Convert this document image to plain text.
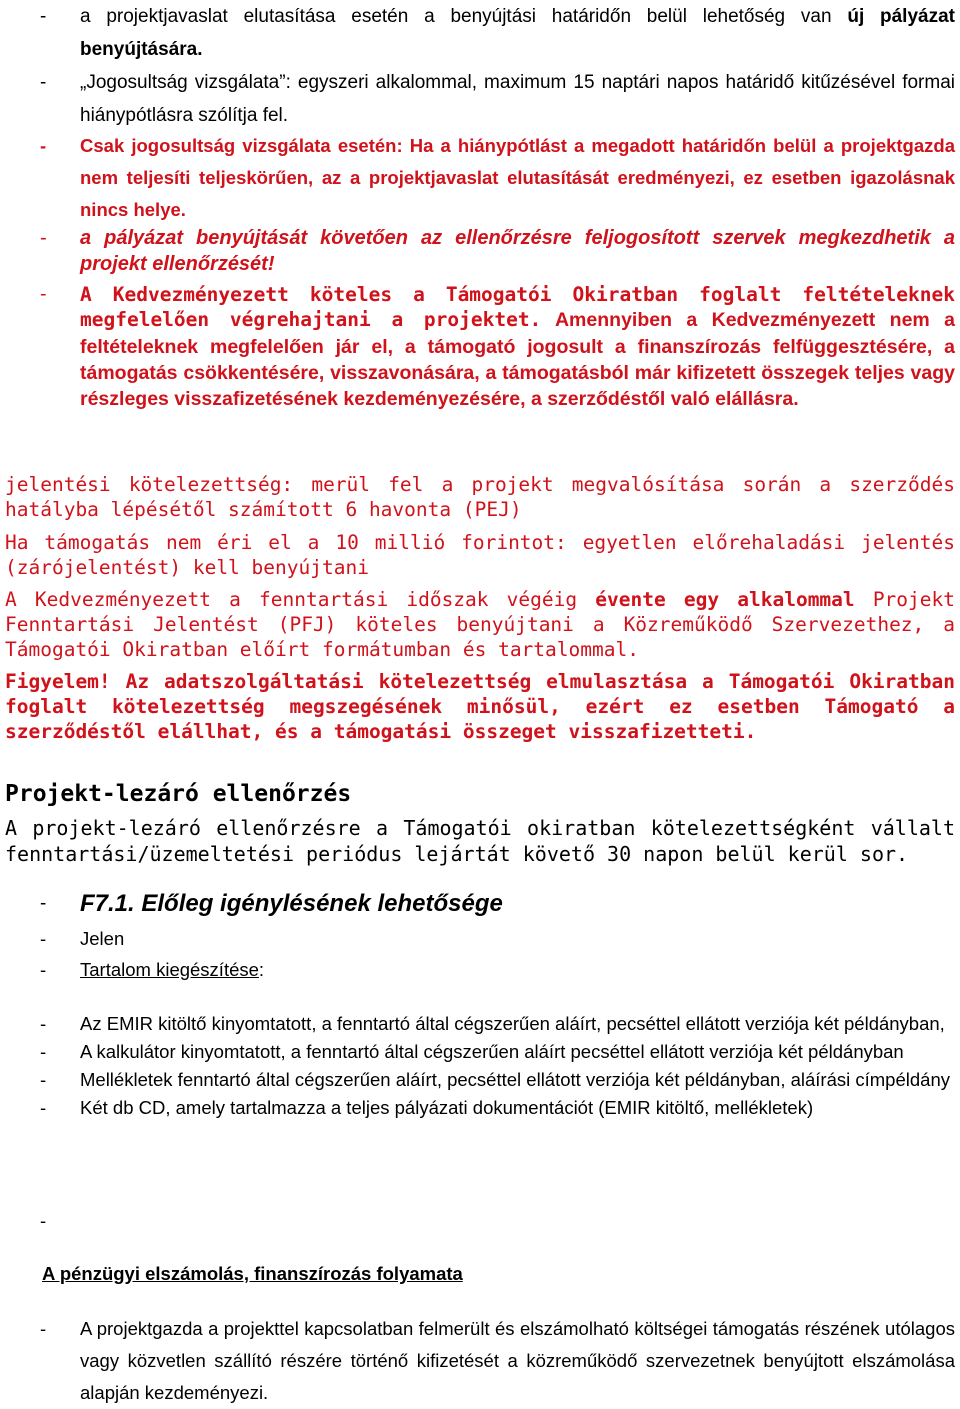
- a projektjavaslat elutasítása esetén a benyújtási határidőn belül lehetőség van új pályázat benyújtására.
- „Jogosultság vizsgálata”: egyszeri alkalommal, maximum 15 naptári napos határidő kitűzésével formai hiánypótlásra szólítja fel.
- Csak jogosultság vizsgálata esetén: Ha a hiánypótlást a megadott határidőn belül a projektgazda nem teljesíti teljeskörűen, az a projektjavaslat elutasítását eredményezi, ez esetben igazolásnak nincs helye.
- a pályázat benyújtását követően az ellenőrzésre feljogosított szervek megkezdhetik a projekt ellenőrzését!
- A Kedvezményezett köteles a Támogatói Okiratban foglalt feltételeknek megfelelően végrehajtani a projektet. Amennyiben a Kedvezményezett nem a feltételeknek megfelelően jár el, a támogató jogosult a finanszírozás felfüggesztésére, a támogatás csökkentésére, visszavonására, a támogatásból már kifizetett összegek teljes vagy részleges visszafizetésének kezdeményezésére, a szerződéstől való elállásra.
jelentési kötelezettség: merül fel a projekt megvalósítása során a szerződés hatályba lépésétől számított 6 havonta (PEJ)
Ha támogatás nem éri el a 10 millió forintot: egyetlen előrehaladási jelentés (zárójelentést) kell benyújtani
A Kedvezményezett a fenntartási időszak végéig évente egy alkalommal Projekt Fenntartási Jelentést (PFJ) köteles benyújtani a Közreműködő Szervezethez, a Támogatói Okiratban előírt formátumban és tartalommal.
Figyelem! Az adatszolgáltatási kötelezettség elmulasztása a Támogatói Okiratban foglalt kötelezettség megszegésének minősül, ezért ez esetben Támogató a szerződéstől elállhat, és a támogatási összeget visszafizetteti.
Projekt-lezáró ellenőrzés
A projekt-lezáró ellenőrzésre a Támogatói okiratban kötelezettségként vállalt fenntartási/üzemeltetési periódus lejártát követő 30 napon belül kerül sor.
- F7.1. Előleg igénylésének lehetősége
- Jelen
- Tartalom kiegészítése:
- Az EMIR kitöltő kinyomtatott, a fenntartó által cégszerűen aláírt, pecséttel ellátott verziója két példányban,
- A kalkulátor kinyomtatott, a fenntartó által cégszerűen aláírt pecséttel ellátott verziója két példányban
- Mellékletek fenntartó által cégszerűen aláírt, pecséttel ellátott verziója két példányban, aláírási címpéldány
- Két db CD, amely tartalmazza a teljes pályázati dokumentációt (EMIR kitöltő, mellékletek)
-
A pénzügyi elszámolás, finanszírozás folyamata
- A projektgazda a projekttel kapcsolatban felmerült és elszámolható költségei támogatás részének utólagos vagy közvetlen szállító részére történő kifizetését a közreműködő szervezetnek benyújtott elszámolása alapján kezdeményezi.
